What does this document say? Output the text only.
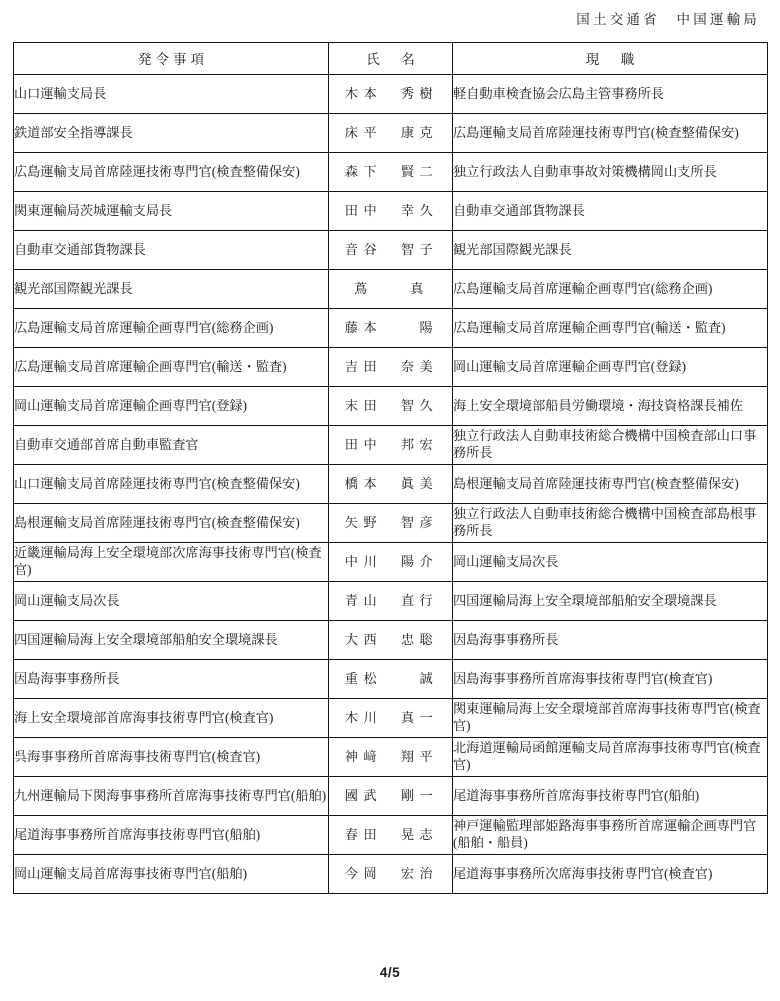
国土交通省　中国運輸局
発令事項	氏　名	現　職

山口運輸支局長	木本　秀樹	軽自動車検査協会広島主管事務所長
鉄道部安全指導課長	床平　康克	広島運輸支局首席陸運技術専門官(検査整備保安)
広島運輸支局首席陸運技術専門官(検査整備保安)	森下　賢二	独立行政法人自動車事故対策機構岡山支所長
関東運輸局茨城運輸支局長	田中　幸久	自動車交通部貨物課長
自動車交通部貨物課長	音谷　智子	観光部国際観光課長
観光部国際観光課長	蔦　　真	広島運輸支局首席運輸企画専門官(総務企画)
広島運輸支局首席運輸企画専門官(総務企画)	藤本　　陽	広島運輸支局首席運輸企画専門官(輸送・監査)
広島運輸支局首席運輸企画専門官(輸送・監査)	吉田　奈美	岡山運輸支局首席運輸企画専門官(登録)
岡山運輸支局首席運輸企画専門官(登録)	末田　智久	海上安全環境部船員労働環境・海技資格課長補佐
自動車交通部首席自動車監査官	田中　邦宏	独立行政法人自動車技術総合機構中国検査部山口事務所長
山口運輸支局首席陸運技術専門官(検査整備保安)	橋本　眞美	島根運輸支局首席陸運技術専門官(検査整備保安)
島根運輸支局首席陸運技術専門官(検査整備保安)	矢野　智彦	独立行政法人自動車技術総合機構中国検査部島根事務所長
近畿運輸局海上安全環境部次席海事技術専門官(検査官)	中川　陽介	岡山運輸支局次長
岡山運輸支局次長	青山　直行	四国運輸局海上安全環境部船舶安全環境課長
四国運輸局海上安全環境部船舶安全環境課長	大西　忠聡	因島海事事務所長
因島海事事務所長	重松　　誠	因島海事事務所首席海事技術専門官(検査官)
海上安全環境部首席海事技術専門官(検査官)	木川　真一	関東運輸局海上安全環境部首席海事技術専門官(検査官)
呉海事事務所首席海事技術専門官(検査官)	神﨑　翔平	北海道運輸局函館運輸支局首席海事技術専門官(検査官)
九州運輸局下関海事事務所首席海事技術専門官(船舶)	國武　剛一	尾道海事事務所首席海事技術専門官(船舶)
尾道海事事務所首席海事技術専門官(船舶)	春田　晃志	神戸運輸監理部姫路海事事務所首席運輸企画専門官(船舶・船員)
岡山運輸支局首席海事技術専門官(船舶)	今岡　宏治	尾道海事事務所次席海事技術専門官(検査官)
4/5
